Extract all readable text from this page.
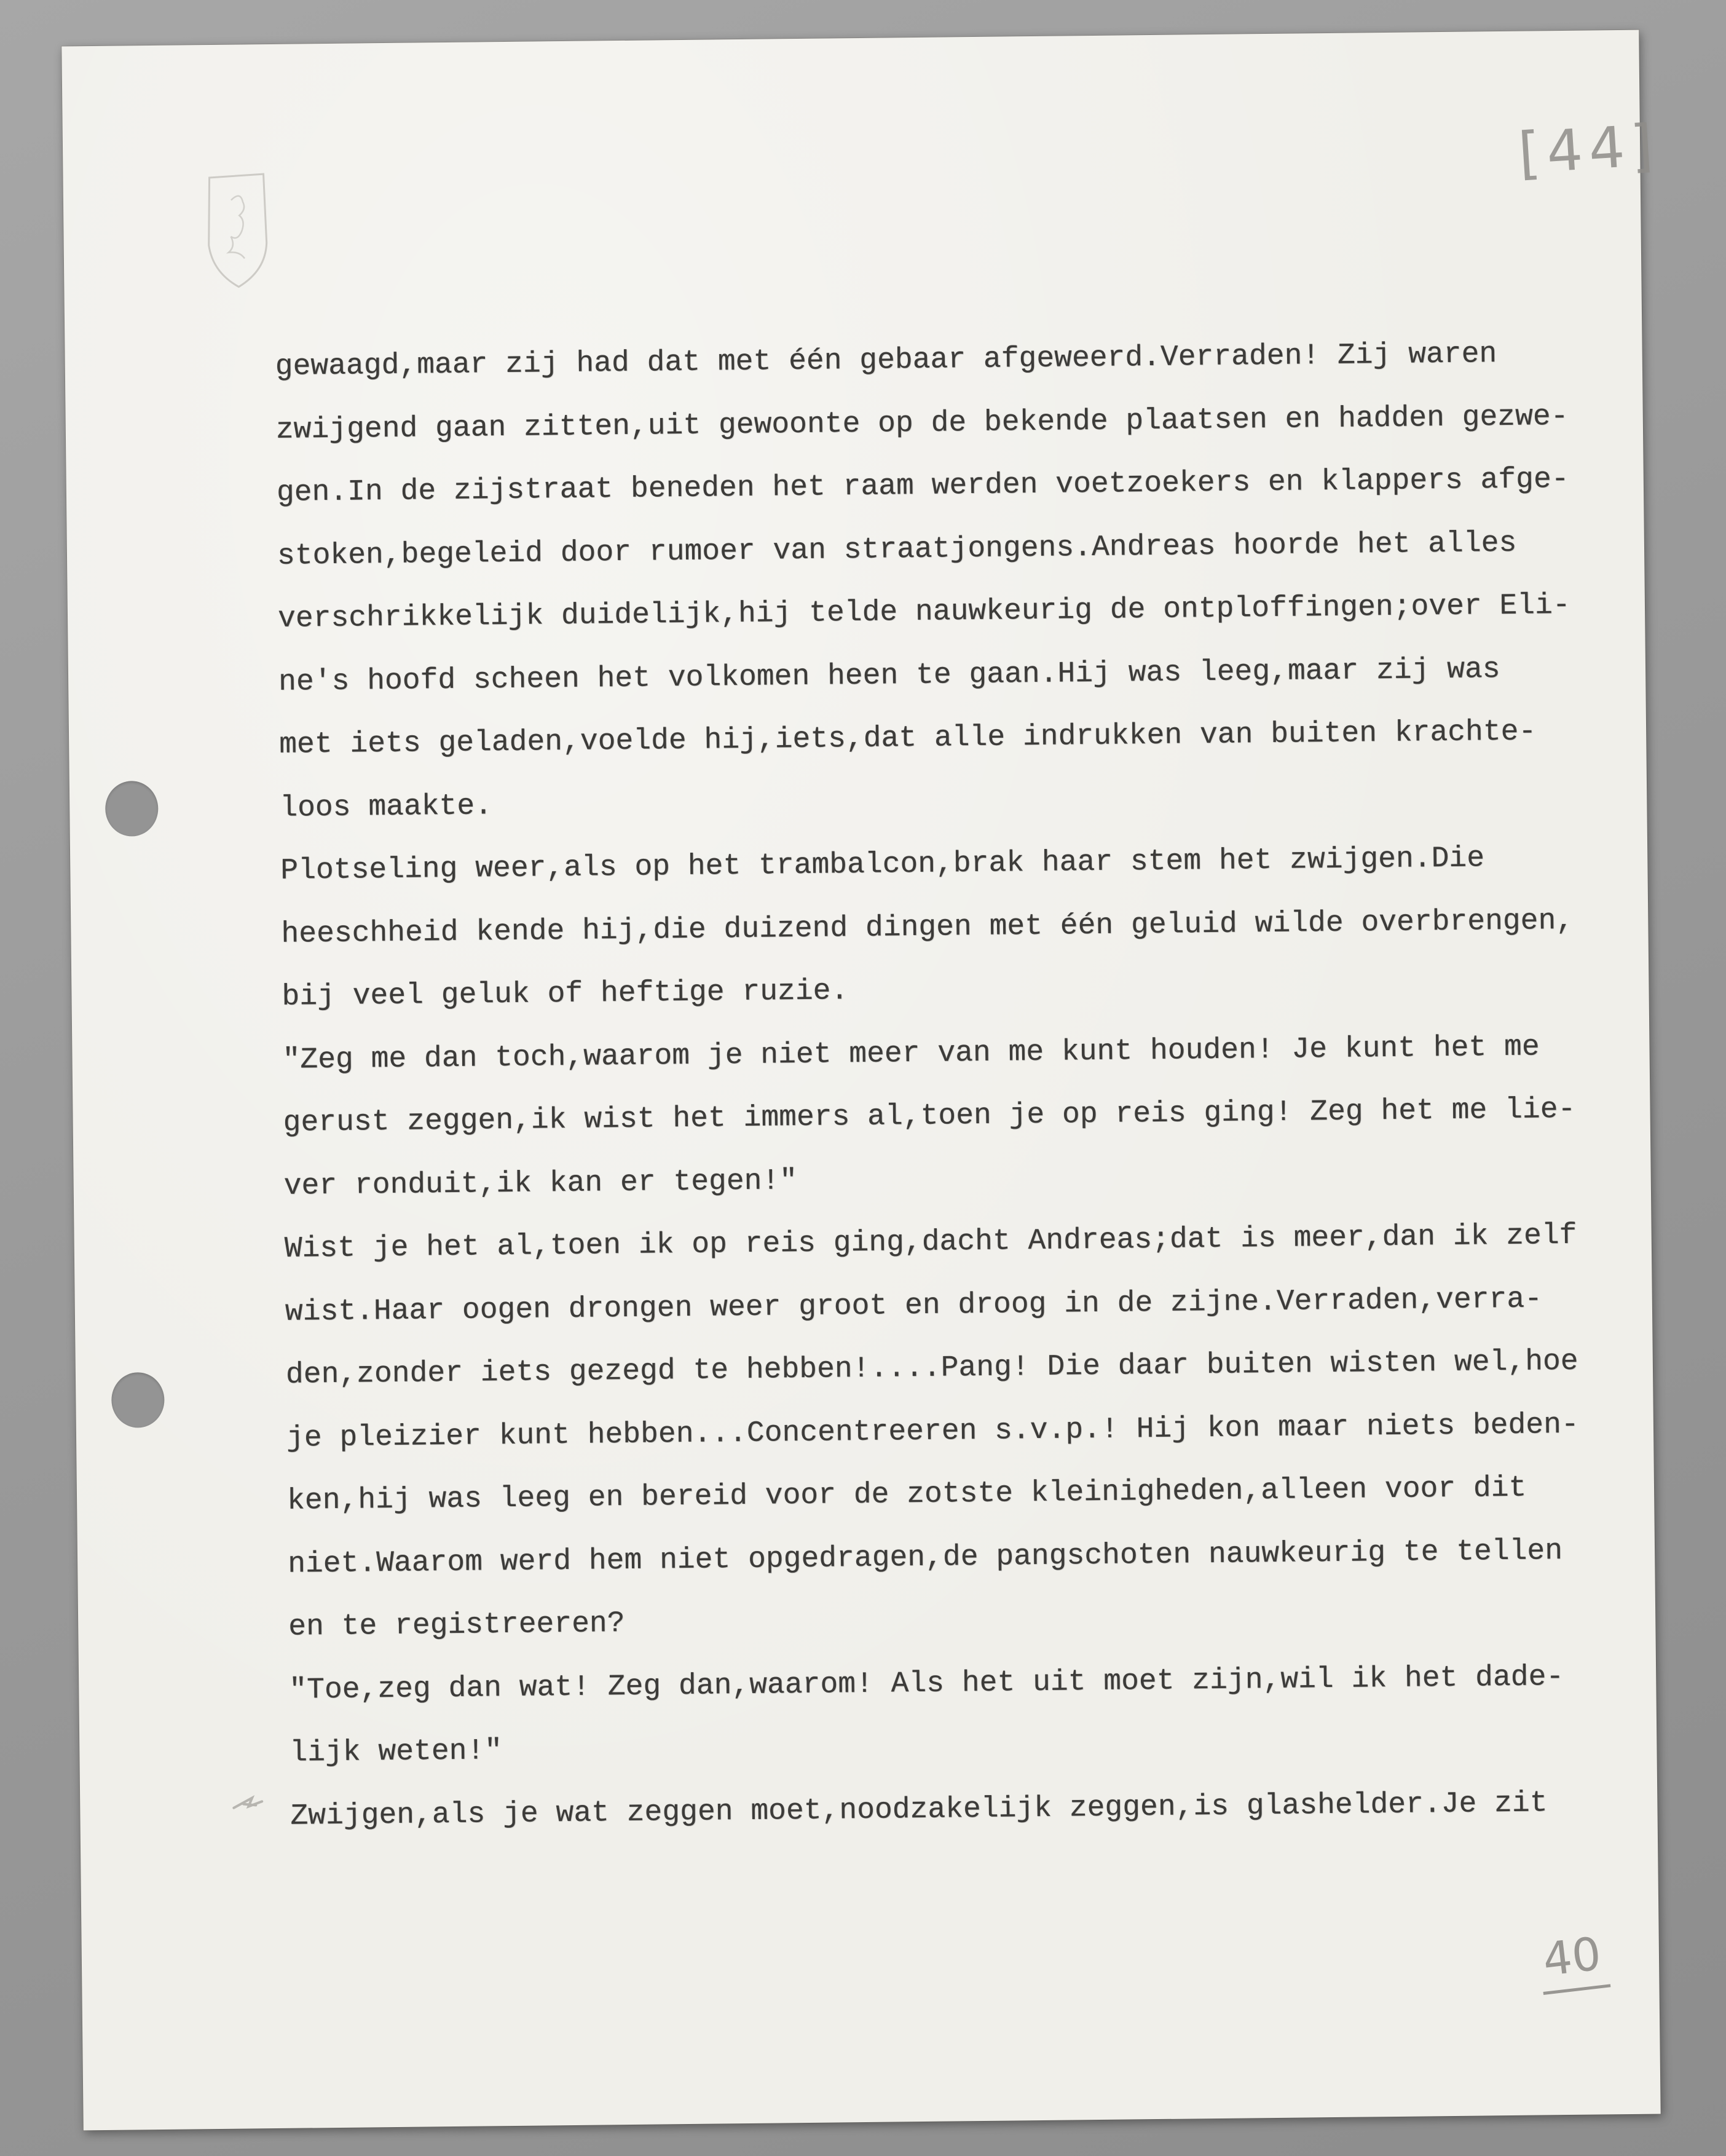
[44]
gewaagd,maar zij had dat met één gebaar afgeweerd.Verraden! Zij waren
zwijgend gaan zitten,uit gewoonte op de bekende plaatsen en hadden gezwe-
gen.In de zijstraat beneden het raam werden voetzoekers en klappers afge-
stoken,begeleid door rumoer van straatjongens.Andreas hoorde het alles
verschrikkelijk duidelijk,hij telde nauwkeurig de ontploffingen;over Eli-
ne's hoofd scheen het volkomen heen te gaan.Hij was leeg,maar zij was
met iets geladen,voelde hij,iets,dat alle indrukken van buiten krachte-
loos maakte.
Plotseling weer,als op het trambalcon,brak haar stem het zwijgen.Die
heeschheid kende hij,die duizend dingen met één geluid wilde overbrengen,
bij veel geluk of heftige ruzie.
"Zeg me dan toch,waarom je niet meer van me kunt houden! Je kunt het me
gerust zeggen,ik wist het immers al,toen je op reis ging! Zeg het me lie-
ver ronduit,ik kan er tegen!"
Wist je het al,toen ik op reis ging,dacht Andreas;dat is meer,dan ik zelf
wist.Haar oogen drongen weer groot en droog in de zijne.Verraden,verra-
den,zonder iets gezegd te hebben!....Pang! Die daar buiten wisten wel,hoe
je pleizier kunt hebben...Concentreeren s.v.p.! Hij kon maar niets beden-
ken,hij was leeg en bereid voor de zotste kleinigheden,alleen voor dit
niet.Waarom werd hem niet opgedragen,de pangschoten nauwkeurig te tellen
en te registreeren?
"Toe,zeg dan wat! Zeg dan,waarom! Als het uit moet zijn,wil ik het dade-
lijk weten!"
Zwijgen,als je wat zeggen moet,noodzakelijk zeggen,is glashelder.Je zit
40
